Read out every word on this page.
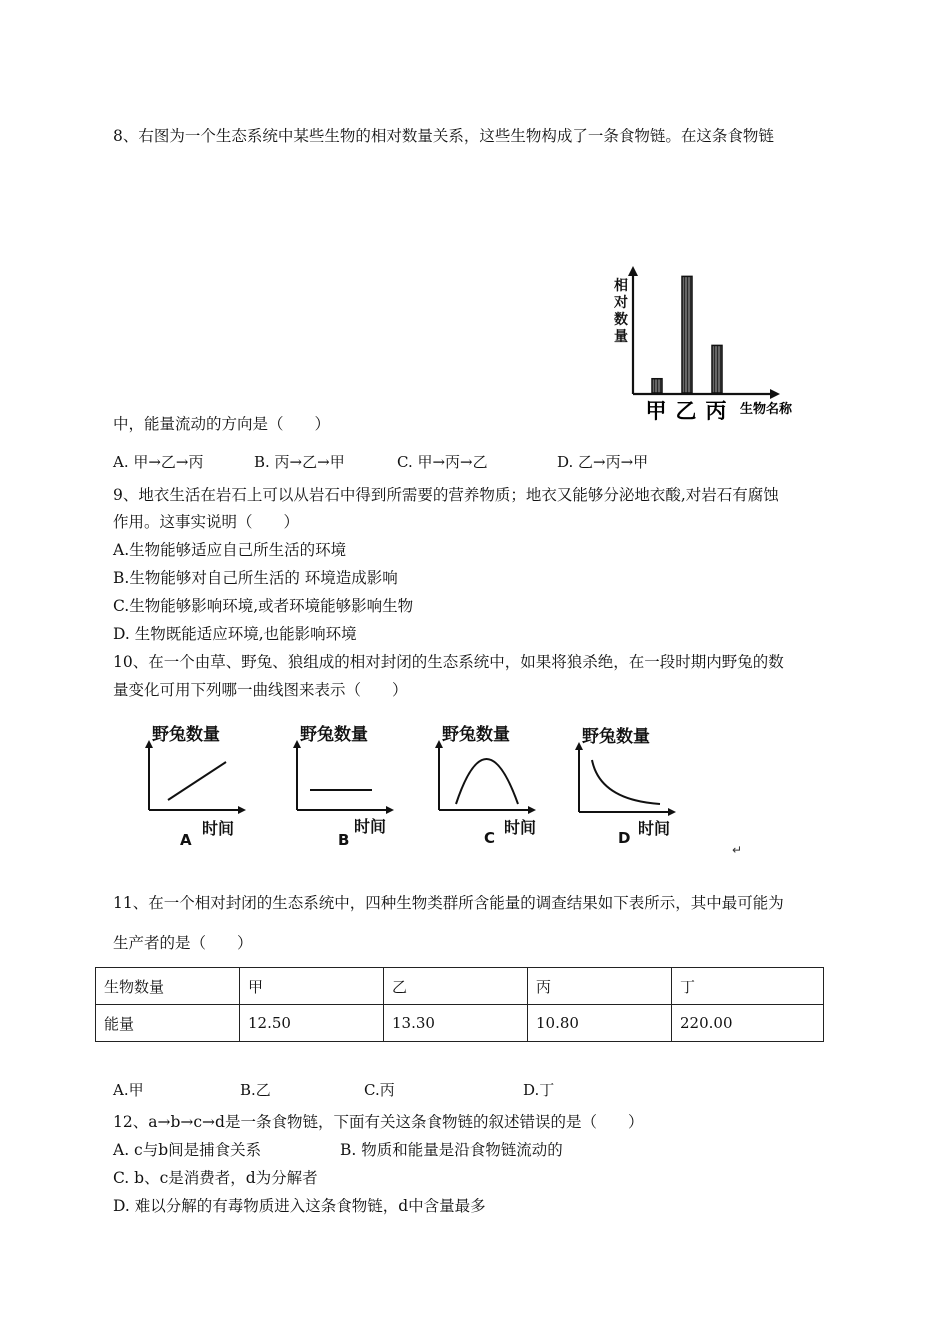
8、右图为一个生态系统中某些生物的相对数量关系，这些生物构成了一条食物链。在这条食物链
甲 乙 丙 生物名称
相对数量
中，能量流动的方向是（　　）
A. 甲→乙→丙	B. 丙→乙→甲	C. 甲→丙→乙	D. 乙→丙→甲
9、地衣生活在岩石上可以从岩石中得到所需要的营养物质；地衣又能够分泌地衣酸,对岩石有腐蚀
作用。这事实说明（　　）
A.生物能够适应自己所生活的环境
B.生物能够对自己所生活的 环境造成影响
C.生物能够影响环境,或者环境能够影响生物
D. 生物既能适应环境,也能影响环境
10、在一个由草、野兔、狼组成的相对封闭的生态系统中，如果将狼杀绝，在一段时期内野兔的数
量变化可用下列哪一曲线图来表示（　　）
野兔数量
时间
A
野兔数量
时间
B
野兔数量
时间
C
野兔数量
时间
D
↵
11、在一个相对封闭的生态系统中，四种生物类群所含能量的调查结果如下表所示，其中最可能为
生产者的是（　　）
生物数量	甲	乙	丙	丁
能量	12.50	13.30	10.80	220.00
A.甲	B.乙	C.丙	D.丁
12、a→b→c→d是一条食物链，下面有关这条食物链的叙述错误的是（　　）
A. c与b间是捕食关系	B. 物质和能量是沿食物链流动的
C. b、c是消费者，d为分解者
D. 难以分解的有毒物质进入这条食物链，d中含量最多
